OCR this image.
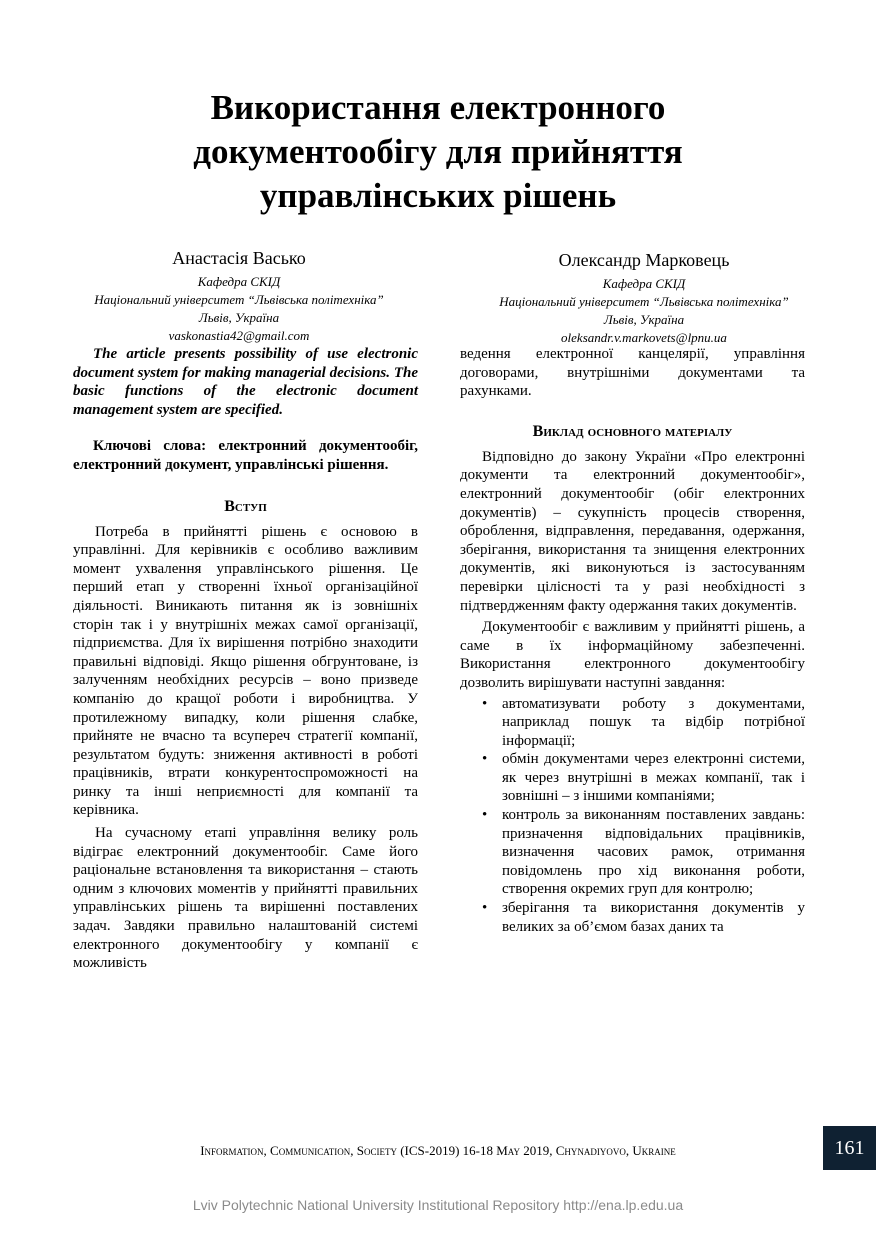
Використання електронного
документообігу для прийняття
управлінських рішень
Анастасія Васько
Кафедра СКІД
Національний університет “Львівська політехніка”
Львів, Україна
vaskonastia42@gmail.com
Олександр Марковець
Кафедра СКІД
Національний університет “Львівська політехніка”
Львів, Україна
oleksandr.v.markovets@lpnu.ua

The article presents possibility of use electronic document system for making managerial decisions. The basic functions of the electronic document management system are specified.

Ключові слова: електронний документообіг, електронний документ, управлінські рішення.

Вступ

Потреба в прийнятті рішень є основою в управлінні. Для керівників є особливо важливим момент ухвалення управлінського рішення. Це перший етап у створенні їхньої організаційної діяльності. Виникають питання як із зовнішніх сторін так і у внутрішніх межах самої організації, підприємства. Для їх вирішення потрібно знаходити правильні відповіді. Якщо рішення обгрунтоване, із залученням необхідних ресурсів – воно призведе компанію до кращої роботи і виробництва. У протилежному випадку, коли рішення слабке, прийняте не вчасно та всупереч стратегії компанії, результатом будуть: зниження активності в роботі працівників, втрати конкурентоспроможності на ринку та інші неприємності для компанії та керівника.

На сучасному етапі управління велику роль відіграє електронний документообіг. Саме його раціональне встановлення та використання – стають одним з ключових моментів у прийнятті правильних управлінських рішень та вирішенні поставлених задач. Завдяки правильно налаштованій системі електронного документообігу у компанії є можливість

ведення електронної канцелярії, управління договорами, внутрішніми документами та рахунками.

Виклад основного матеріалу

Відповідно до закону України «Про електронні документи та електронний документообіг», електронний документообіг (обіг електронних документів) – сукупність процесів створення, оброблення, відправлення, передавання, одержання, зберігання, використання та знищення електронних документів, які виконуються із застосуванням перевірки цілісності та у разі необхідності з підтвердженням факту одержання таких документів.

Документообіг є важливим у прийнятті рішень, а саме в їх інформаційному забезпеченні. Використання електронного документообігу дозволить вирішувати наступні завдання:

• автоматизувати роботу з документами, наприклад пошук та відбір потрібної інформації;
• обмін документами через електронні системи, як через внутрішні в межах компанії, так і зовнішні – з іншими компаніями;
• контроль за виконанням поставлених завдань: призначення відповідальних працівників, визначення часових рамок, отримання повідомлень про хід виконання роботи, створення окремих груп для контролю;
• зберігання та використання документів у великих за об’ємом базах даних та
Information, Communication, Society (ICS-2019) 16-18 May 2019, Chynadiyovo, Ukraine	161
Lviv Polytechnic National University Institutional Repository http://ena.lp.edu.ua
